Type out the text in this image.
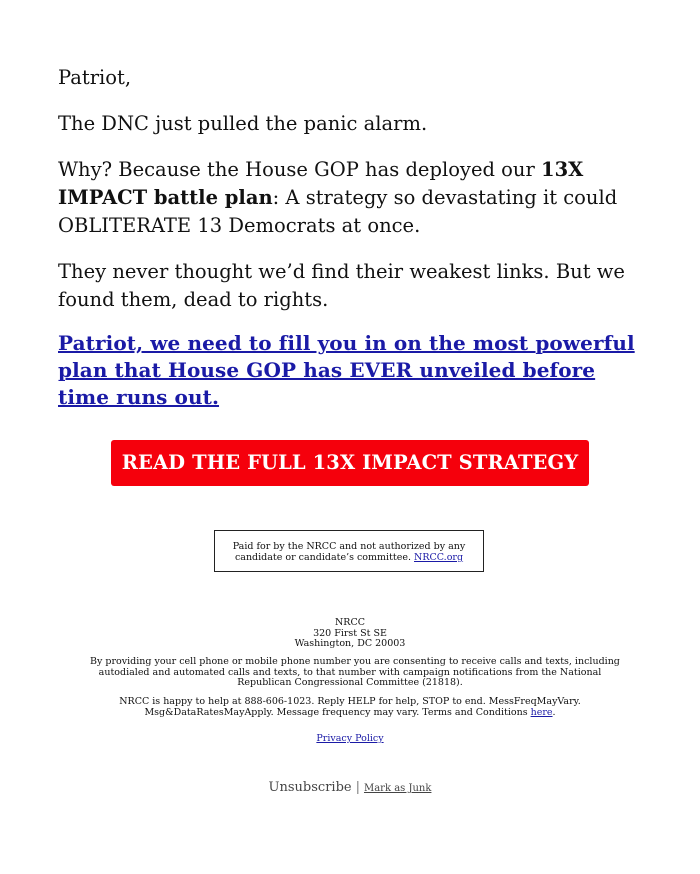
Patriot,

The DNC just pulled the panic alarm.

Why? Because the House GOP has deployed our 13X IMPACT battle plan: A strategy so devastating it could OBLITERATE 13 Democrats at once.

They never thought we’d find their weakest links. But we found them, dead to rights.

Patriot, we need to fill you in on the most powerful plan that House GOP has EVER unveiled before time runs out.
READ THE FULL 13X IMPACT STRATEGY
Paid for by the NRCC and not authorized by any
candidate or candidate’s committee. NRCC.org
NRCC
320 First St SE
Washington, DC 20003
By providing your cell phone or mobile phone number you are consenting to receive calls and texts, including
autodialed and automated calls and texts, to that number with campaign notifications from the National
Republican Congressional Committee (21818).
NRCC is happy to help at 888-606-1023. Reply HELP for help, STOP to end. MessFreqMayVary.
Msg&DataRatesMayApply. Message frequency may vary. Terms and Conditions here.
Privacy Policy
Unsubscribe | Mark as Junk
